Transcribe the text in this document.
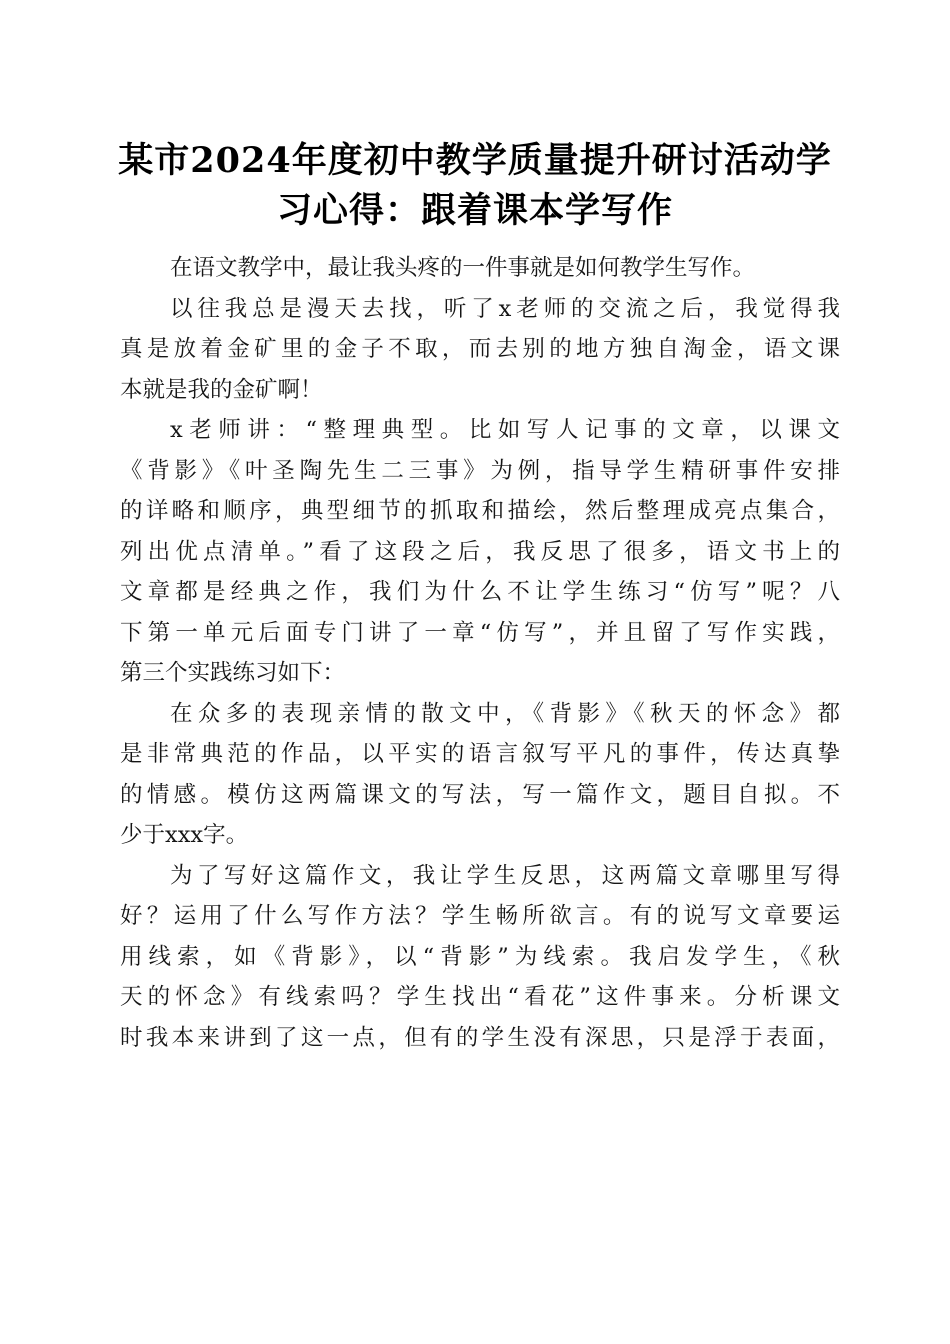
某市2024年度初中教学质量提升研讨活动学
习心得：跟着课本学写作

在语文教学中，最让我头疼的一件事就是如何教学生写作。

以往我总是漫天去找，听了x老师的交流之后，我觉得我
真是放着金矿里的金子不取，而去别的地方独自淘金，语文课
本就是我的金矿啊！

x老师讲：“整理典型。比如写人记事的文章，以课文
《背影》《叶圣陶先生二三事》为例，指导学生精研事件安排
的详略和顺序，典型细节的抓取和描绘，然后整理成亮点集合，
列出优点清单。”看了这段之后，我反思了很多，语文书上的
文章都是经典之作，我们为什么不让学生练习“仿写”呢？八
下第一单元后面专门讲了一章“仿写”，并且留了写作实践，
第三个实践练习如下：

在众多的表现亲情的散文中，《背影》《秋天的怀念》都
是非常典范的作品，以平实的语言叙写平凡的事件，传达真挚
的情感。模仿这两篇课文的写法，写一篇作文，题目自拟。不
少于xxx字。

为了写好这篇作文，我让学生反思，这两篇文章哪里写得
好？运用了什么写作方法？学生畅所欲言。有的说写文章要运
用线索，如《背影》，以“背影”为线索。我启发学生，《秋
天的怀念》有线索吗？学生找出“看花”这件事来。分析课文
时我本来讲到了这一点，但有的学生没有深思，只是浮于表面，
